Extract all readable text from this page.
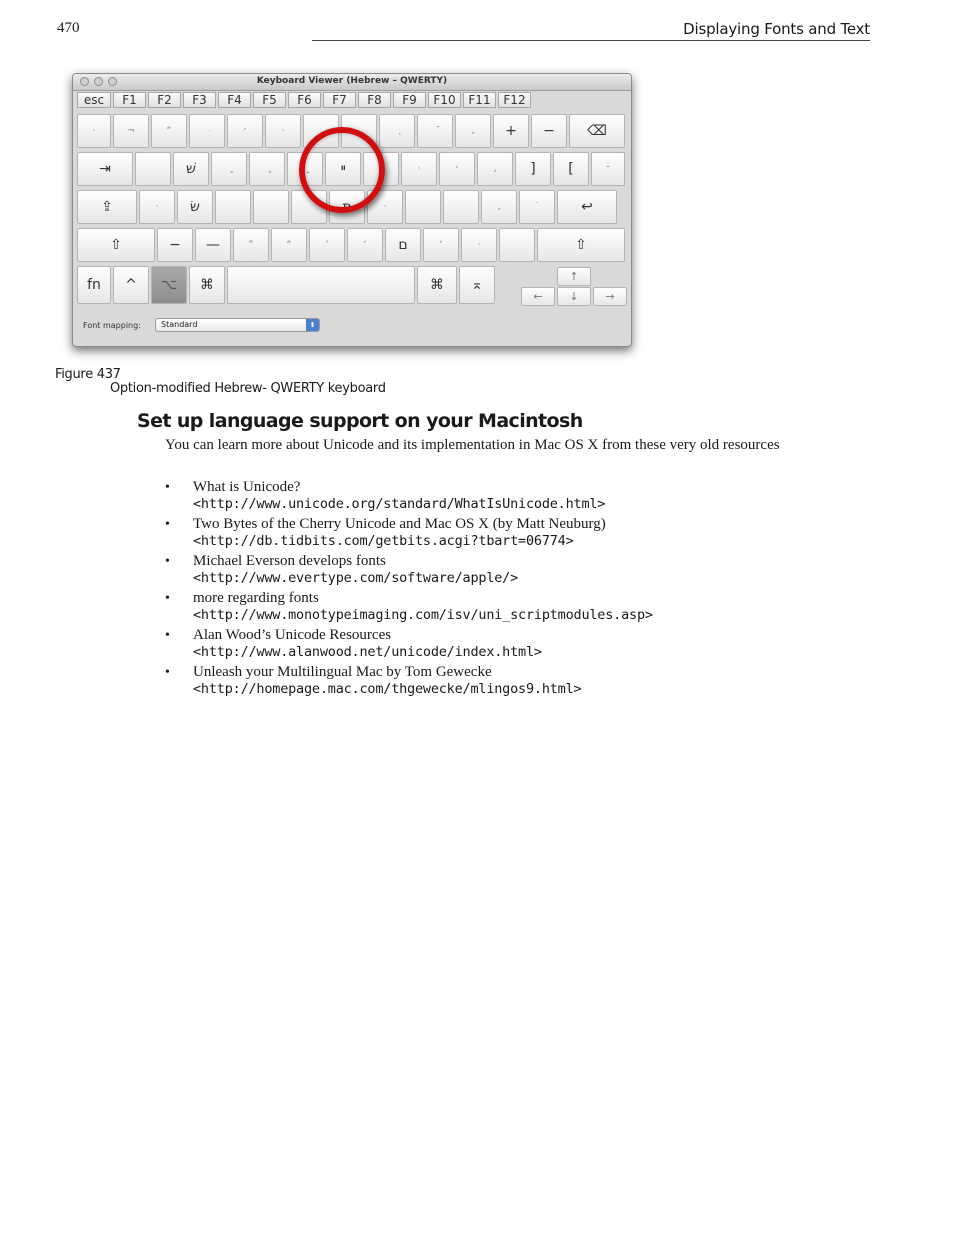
470	Displaying Fonts and Text
Keyboard Viewer (Hebrew – QWERTY)
esc	F1	F2	F3	F4	F5	F6	F7	F8	F9	F10	F11	F12
·	¬	“	׳	·	‚	+	−	⌫
⇥	שׁ	ײ	·	׳	‚	]	[	־
⇪	·	שׂ	ת	·	‚	˙	↩
⇧	−	—	”	“	’	‘	ם	‘	·	⇧
fn	^	⌥	⌘	⌘	⌅
↑
←	↓	→
Font mapping:	Standard	⬍
Figure 437
Option-modified Hebrew- QWERTY keyboard
Set up language support on your Macintosh

You can learn more about Unicode and its implementation in Mac OS X from these very old resources

• What is Unicode?
<http://www.unicode.org/standard/WhatIsUnicode.html>
• Two Bytes of the Cherry Unicode and Mac OS X (by Matt Neuburg)
<http://db.tidbits.com/getbits.acgi?tbart=06774>
• Michael Everson develops fonts
<http://www.evertype.com/software/apple/>
• more regarding fonts
<http://www.monotypeimaging.com/isv/uni_scriptmodules.asp>
• Alan Wood’s Unicode Resources
<http://www.alanwood.net/unicode/index.html>
• Unleash your Multilingual Mac by Tom Gewecke
<http://homepage.mac.com/thgewecke/mlingos9.html>
